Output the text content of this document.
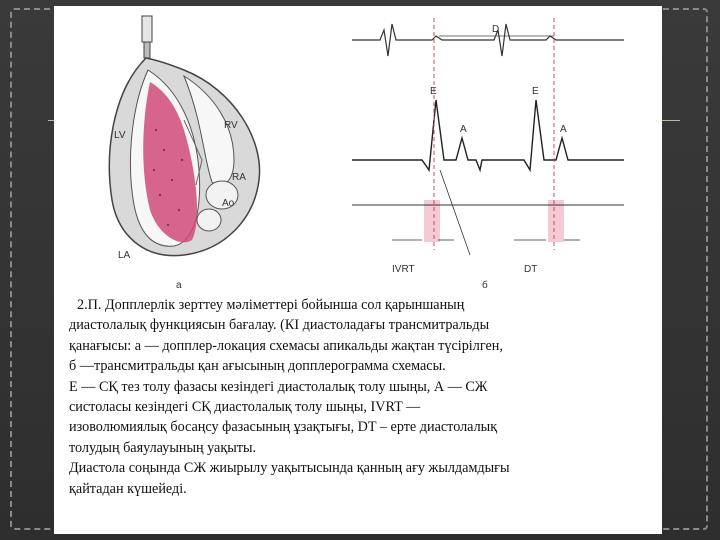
LV
RV
RA
Ao
LA
a
D
E
A
E
A
IVRT	DT
б

2.П. Допплерлік зерттеу мәліметтері бойынша сол қарыншаның

диастолалық функциясын бағалау. (КІ диастоладағы трансмитральды

қанағысы: а — допплер-локация схемасы апикальды жақтан түсірілген,

б —трансмитральды қан ағысының допплерограмма схемасы.

Е — СҚ тез толу фазасы кезіндегі диастолалық толу шыңы, А — СЖ

систоласы кезіндегі СҚ диастолалық толу шыңы, IVRT —

изоволюмиялық босаңсу фазасының ұзақтығы, DT – ерте диастолалық

толудың баяулауының уақыты.

Диастола соңында СЖ жиырылу уақытысында қанның ағу жылдамдығы

қайтадан күшейеді.
